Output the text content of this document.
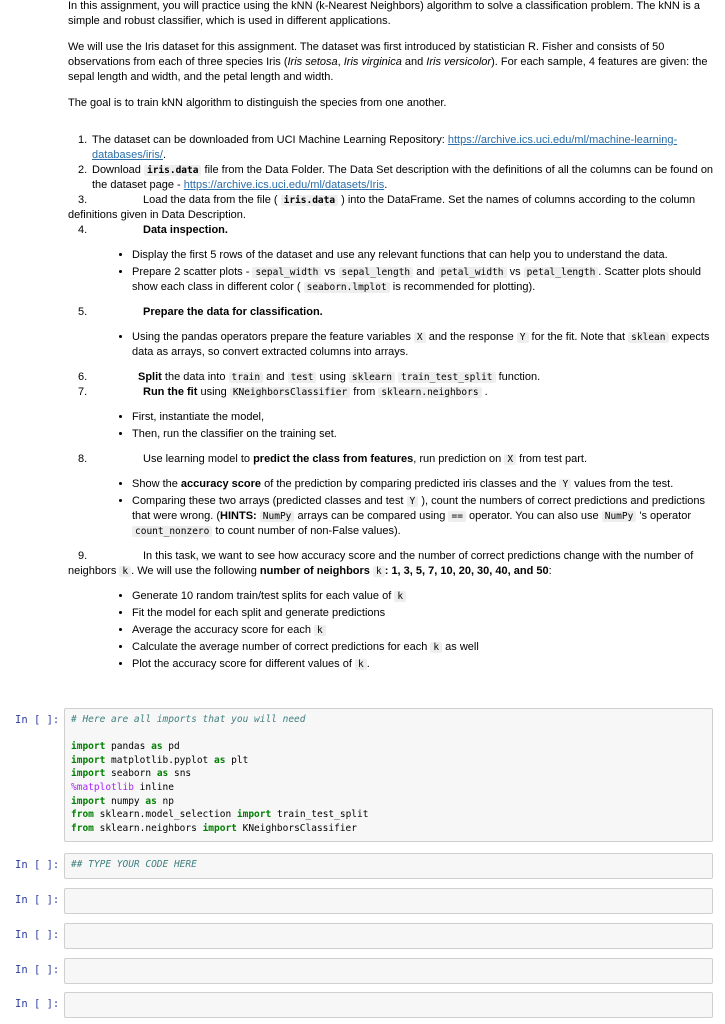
In this assignment, you will practice using the kNN (k-Nearest Neighbors) algorithm to solve a classification problem. The kNN is a simple and robust classifier, which is used in different applications.

We will use the Iris dataset for this assignment. The dataset was first introduced by statistician R. Fisher and consists of 50 observations from each of three species Iris (Iris setosa, Iris virginica and Iris versicolor). For each sample, 4 features are given: the sepal length and width, and the petal length and width.

The goal is to train kNN algorithm to distinguish the species from one another.

1. The dataset can be downloaded from UCI Machine Learning Repository: https://archive.ics.uci.edu/ml/machine-learning-databases/iris/.
2. Download iris.data file from the Data Folder. The Data Set description with the definitions of all the columns can be found on the dataset page - https://archive.ics.uci.edu/ml/datasets/Iris.
3.	Load the data from the file ( iris.data ) into the DataFrame. Set the names of columns according to the column definitions given in Data Description.
4.	Data inspection.
• Display the first 5 rows of the dataset and use any relevant functions that can help you to understand the data.
• Prepare 2 scatter plots - sepal_width vs sepal_length and petal_width vs petal_length . Scatter plots should show each class in different color ( seaborn.lmplot is recommended for plotting).
5.	Prepare the data for classification.
• Using the pandas operators prepare the feature variables X and the response Y for the fit. Note that sklean expects data as arrays, so convert extracted columns into arrays.
6.	Split the data into train and test using sklearn train_test_split function.
7.	Run the fit using KNeighborsClassifier from sklearn.neighbors .
• First, instantiate the model,
• Then, run the classifier on the training set.
8.	Use learning model to predict the class from features, run prediction on X from test part.
• Show the accuracy score of the prediction by comparing predicted iris classes and the Y values from the test.
• Comparing these two arrays (predicted classes and test Y ), count the numbers of correct predictions and predictions that were wrong. (HINTS: NumPy arrays can be compared using == operator. You can also use NumPy 's operator count_nonzero to count number of non-False values).
9.	In this task, we want to see how accuracy score and the number of correct predictions change with the number of neighbors k . We will use the following number of neighbors k : 1, 3, 5, 7, 10, 20, 30, 40, and 50:
• Generate 10 random train/test splits for each value of k
• Fit the model for each split and generate predictions
• Average the accuracy score for each k
• Calculate the average number of correct predictions for each k as well
• Plot the accuracy score for different values of k .
In [ ]: # Here are all imports that you will need

import pandas as pd
import matplotlib.pyplot as plt
import seaborn as sns
%matplotlib inline
import numpy as np
from sklearn.model_selection import train_test_split
from sklearn.neighbors import KNeighborsClassifier
In [ ]: ## TYPE YOUR CODE HERE
In [ ]:
In [ ]:
In [ ]:
In [ ]:
